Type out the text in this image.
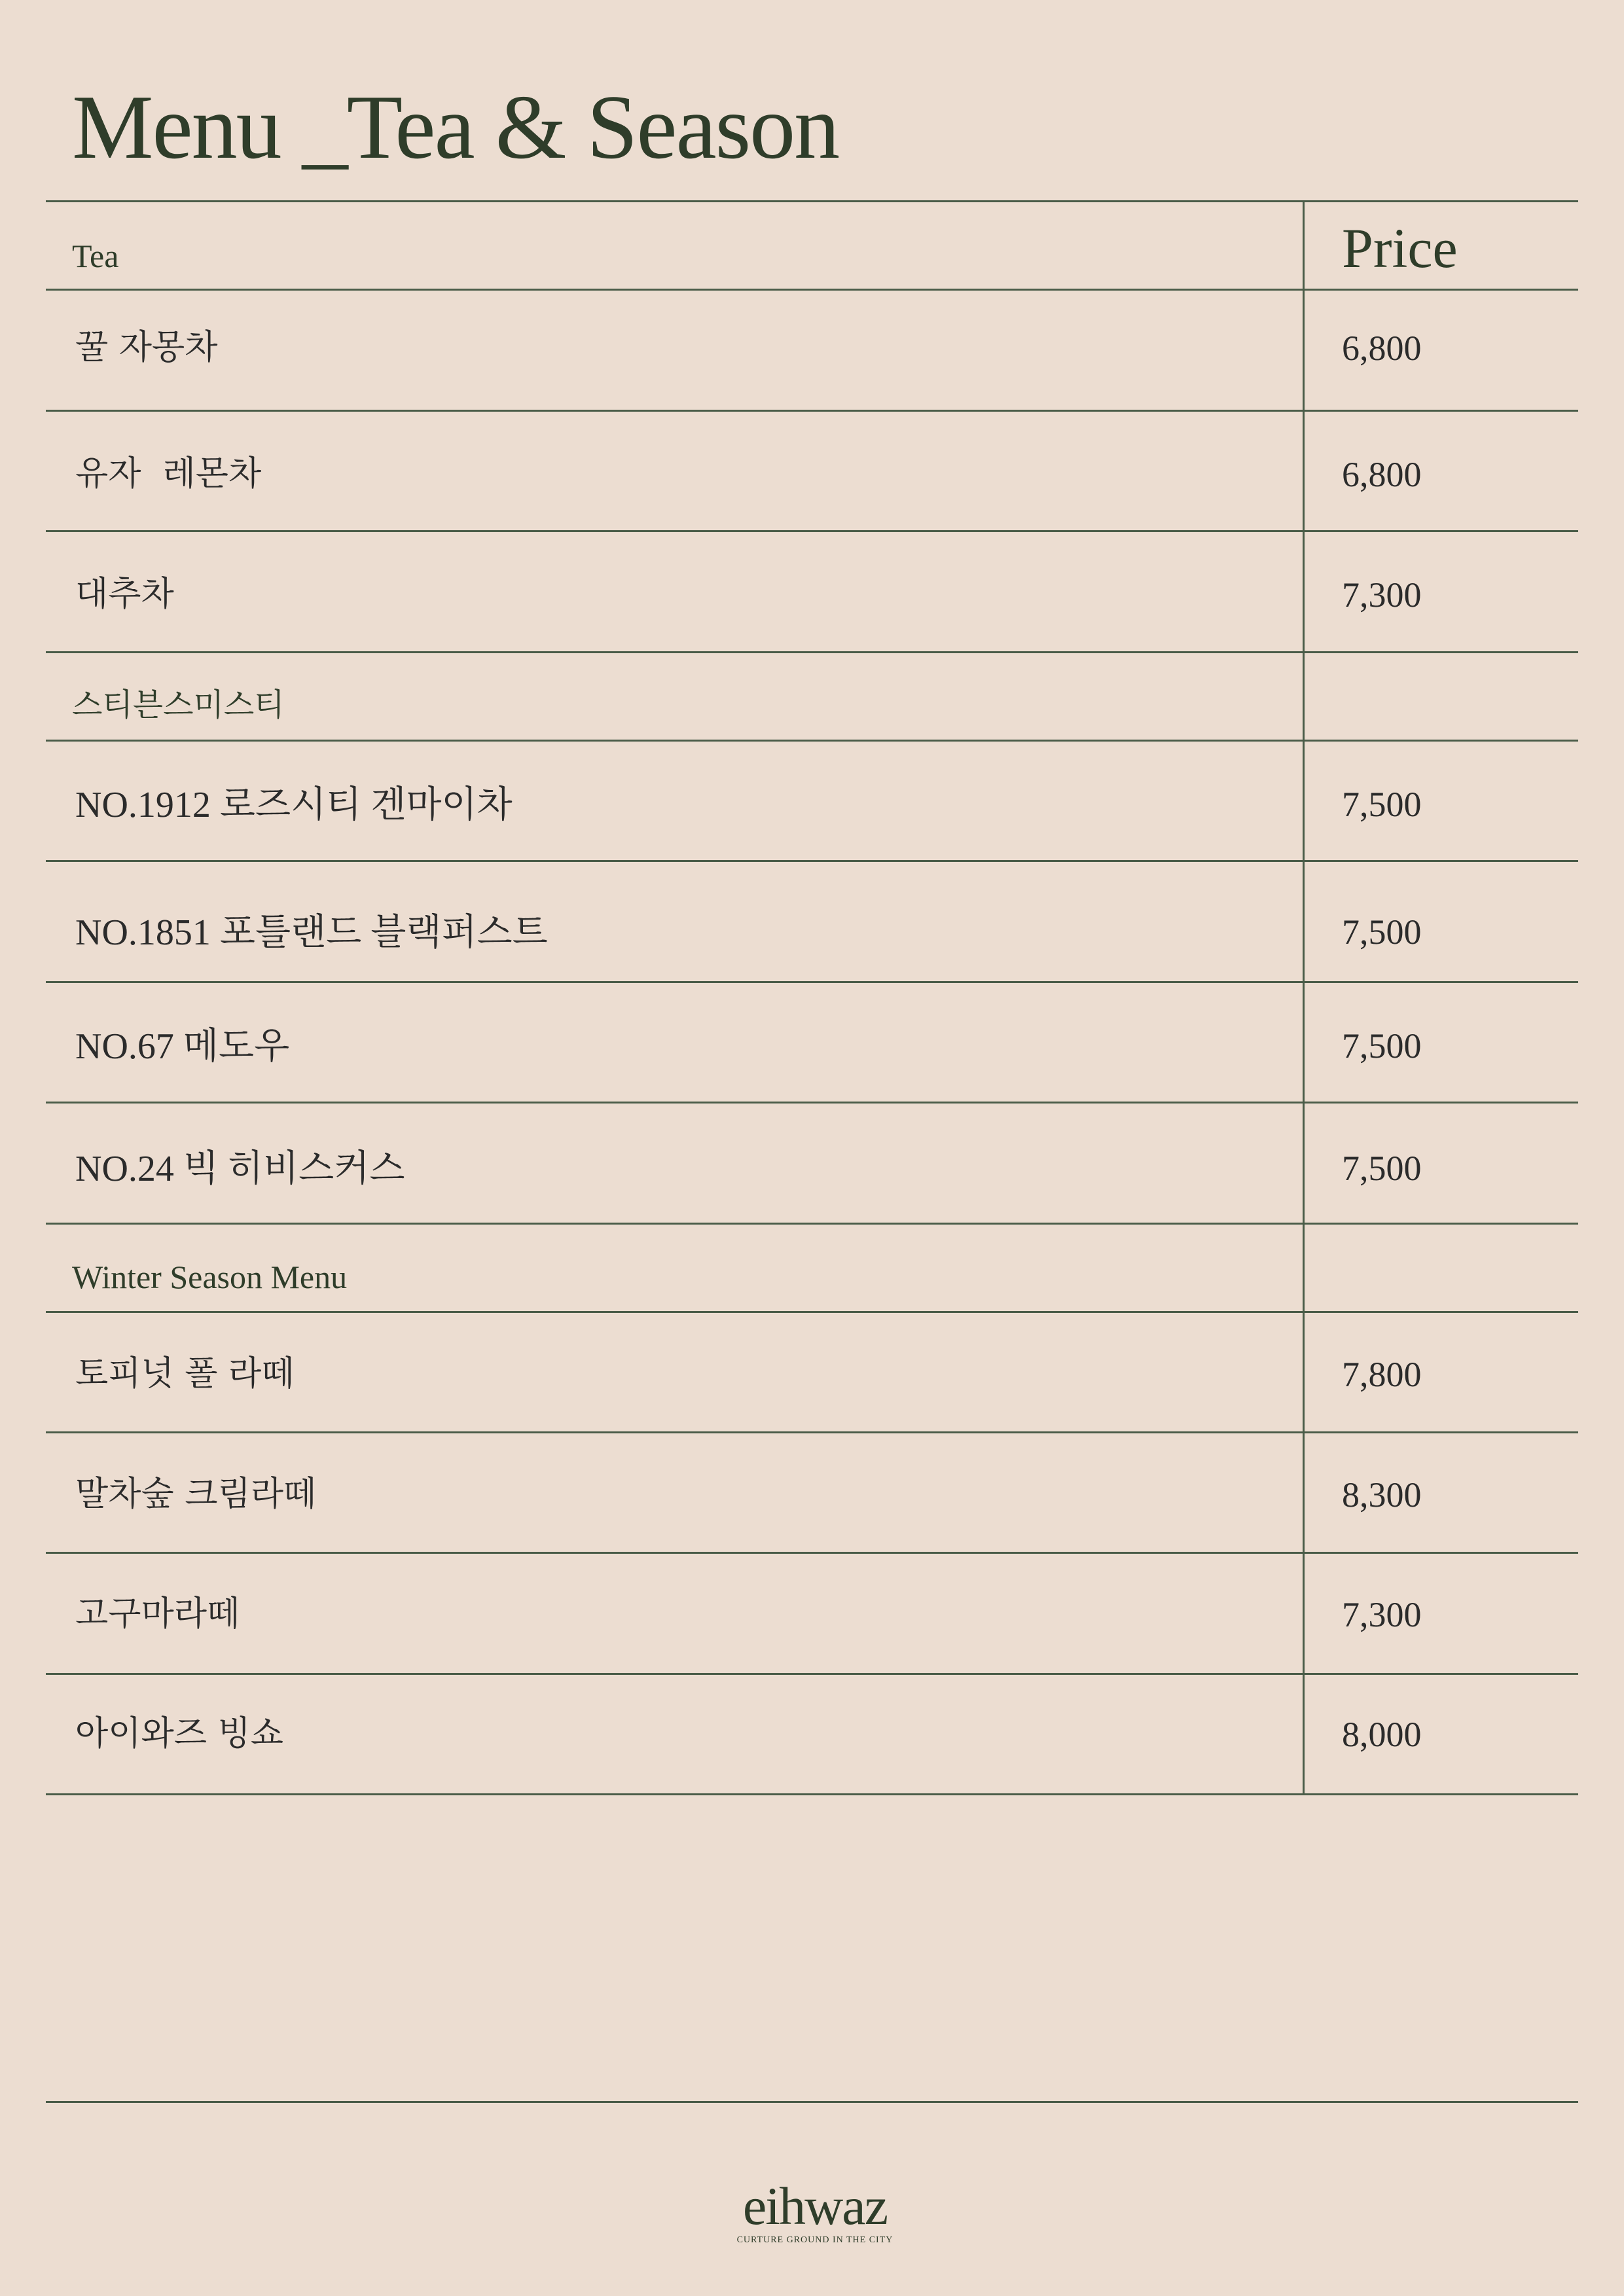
Menu _Tea & Season
Tea	Price
꿀 자몽차	6,800
유자  레몬차	6,800
대추차	7,300
스티븐스미스티
NO.1912 로즈시티 겐마이차	7,500
NO.1851 포틀랜드 블랙퍼스트	7,500
NO.67 메도우	7,500
NO.24 빅 히비스커스	7,500
Winter Season Menu
토피넛 폴 라떼	7,800
말차숲 크림라떼	8,300
고구마라떼	7,300
아이와즈 빙쇼	8,000
eihwaz
CURTURE GROUND IN THE CITY
